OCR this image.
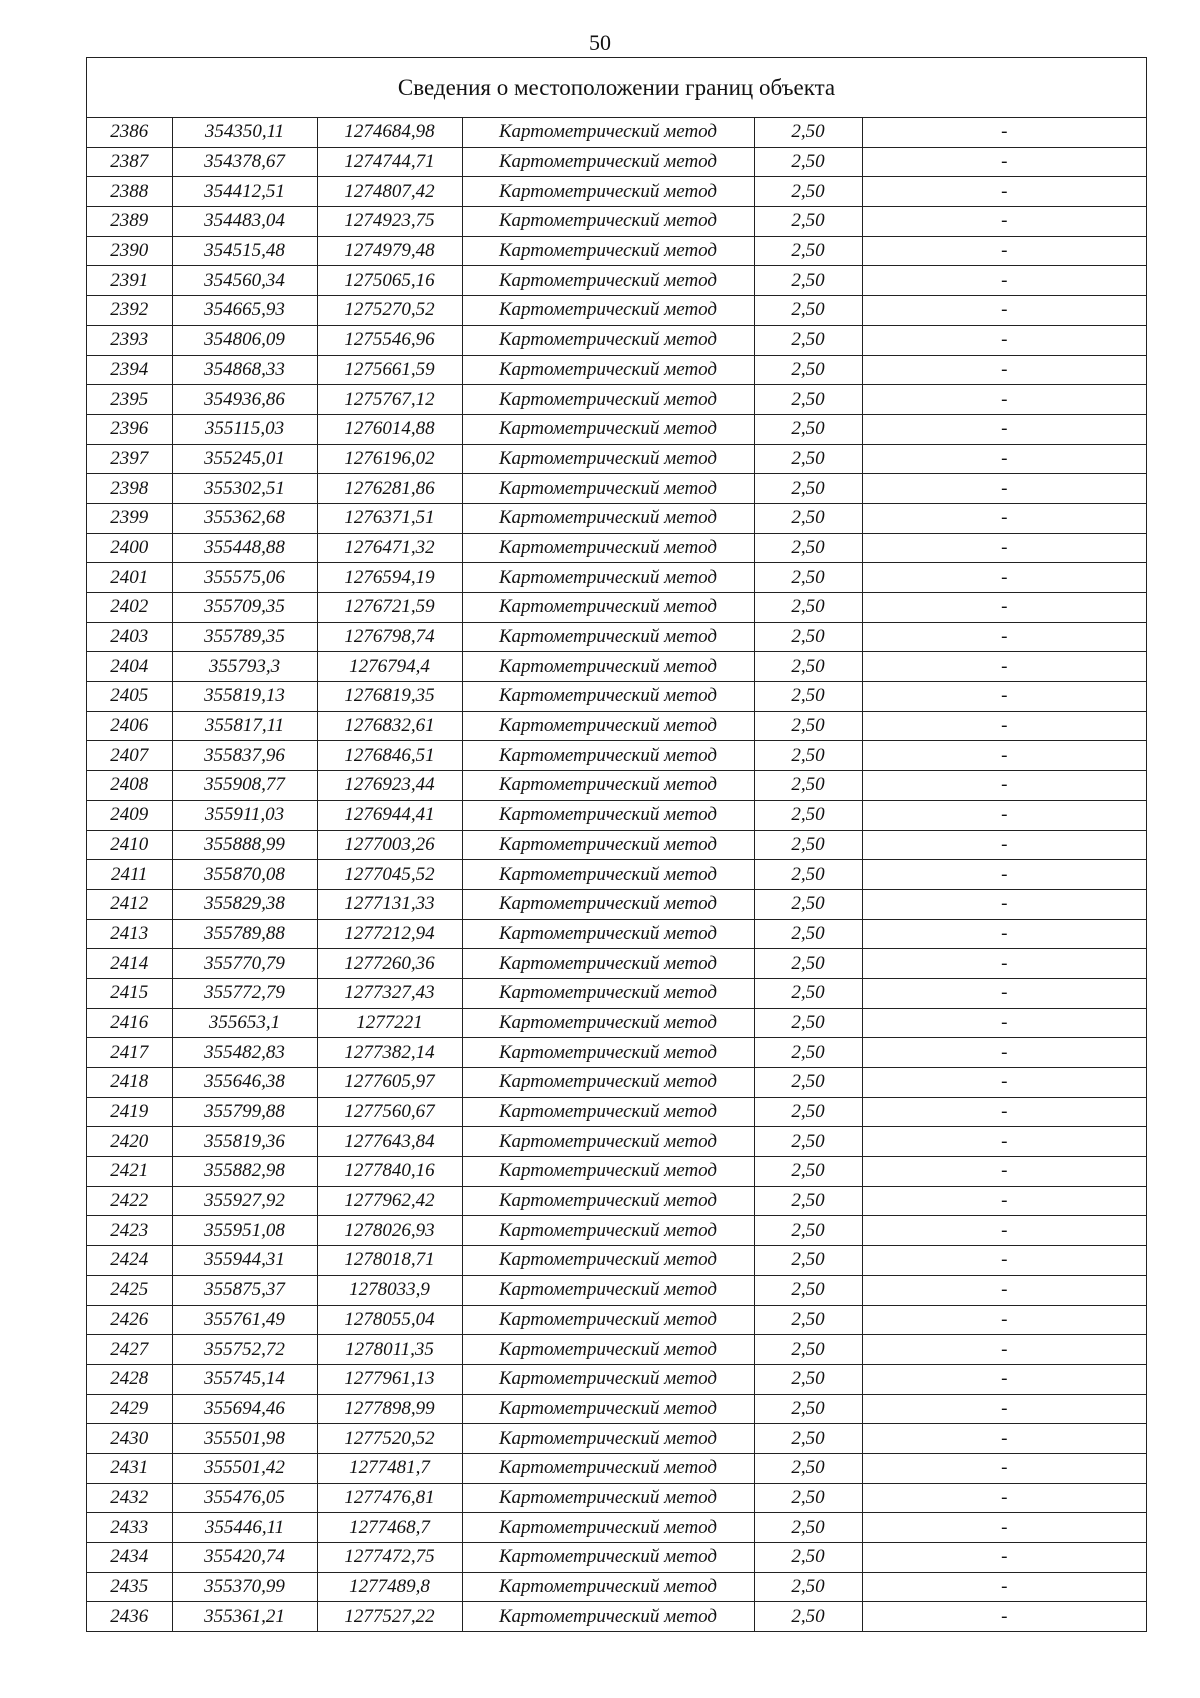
50
Сведения о местоположении границ объекта
2386	354350,11	1274684,98	Картометрический метод	2,50	-
2387	354378,67	1274744,71	Картометрический метод	2,50	-
2388	354412,51	1274807,42	Картометрический метод	2,50	-
2389	354483,04	1274923,75	Картометрический метод	2,50	-
2390	354515,48	1274979,48	Картометрический метод	2,50	-
2391	354560,34	1275065,16	Картометрический метод	2,50	-
2392	354665,93	1275270,52	Картометрический метод	2,50	-
2393	354806,09	1275546,96	Картометрический метод	2,50	-
2394	354868,33	1275661,59	Картометрический метод	2,50	-
2395	354936,86	1275767,12	Картометрический метод	2,50	-
2396	355115,03	1276014,88	Картометрический метод	2,50	-
2397	355245,01	1276196,02	Картометрический метод	2,50	-
2398	355302,51	1276281,86	Картометрический метод	2,50	-
2399	355362,68	1276371,51	Картометрический метод	2,50	-
2400	355448,88	1276471,32	Картометрический метод	2,50	-
2401	355575,06	1276594,19	Картометрический метод	2,50	-
2402	355709,35	1276721,59	Картометрический метод	2,50	-
2403	355789,35	1276798,74	Картометрический метод	2,50	-
2404	355793,3	1276794,4	Картометрический метод	2,50	-
2405	355819,13	1276819,35	Картометрический метод	2,50	-
2406	355817,11	1276832,61	Картометрический метод	2,50	-
2407	355837,96	1276846,51	Картометрический метод	2,50	-
2408	355908,77	1276923,44	Картометрический метод	2,50	-
2409	355911,03	1276944,41	Картометрический метод	2,50	-
2410	355888,99	1277003,26	Картометрический метод	2,50	-
2411	355870,08	1277045,52	Картометрический метод	2,50	-
2412	355829,38	1277131,33	Картометрический метод	2,50	-
2413	355789,88	1277212,94	Картометрический метод	2,50	-
2414	355770,79	1277260,36	Картометрический метод	2,50	-
2415	355772,79	1277327,43	Картометрический метод	2,50	-
2416	355653,1	1277221	Картометрический метод	2,50	-
2417	355482,83	1277382,14	Картометрический метод	2,50	-
2418	355646,38	1277605,97	Картометрический метод	2,50	-
2419	355799,88	1277560,67	Картометрический метод	2,50	-
2420	355819,36	1277643,84	Картометрический метод	2,50	-
2421	355882,98	1277840,16	Картометрический метод	2,50	-
2422	355927,92	1277962,42	Картометрический метод	2,50	-
2423	355951,08	1278026,93	Картометрический метод	2,50	-
2424	355944,31	1278018,71	Картометрический метод	2,50	-
2425	355875,37	1278033,9	Картометрический метод	2,50	-
2426	355761,49	1278055,04	Картометрический метод	2,50	-
2427	355752,72	1278011,35	Картометрический метод	2,50	-
2428	355745,14	1277961,13	Картометрический метод	2,50	-
2429	355694,46	1277898,99	Картометрический метод	2,50	-
2430	355501,98	1277520,52	Картометрический метод	2,50	-
2431	355501,42	1277481,7	Картометрический метод	2,50	-
2432	355476,05	1277476,81	Картометрический метод	2,50	-
2433	355446,11	1277468,7	Картометрический метод	2,50	-
2434	355420,74	1277472,75	Картометрический метод	2,50	-
2435	355370,99	1277489,8	Картометрический метод	2,50	-
2436	355361,21	1277527,22	Картометрический метод	2,50	-
